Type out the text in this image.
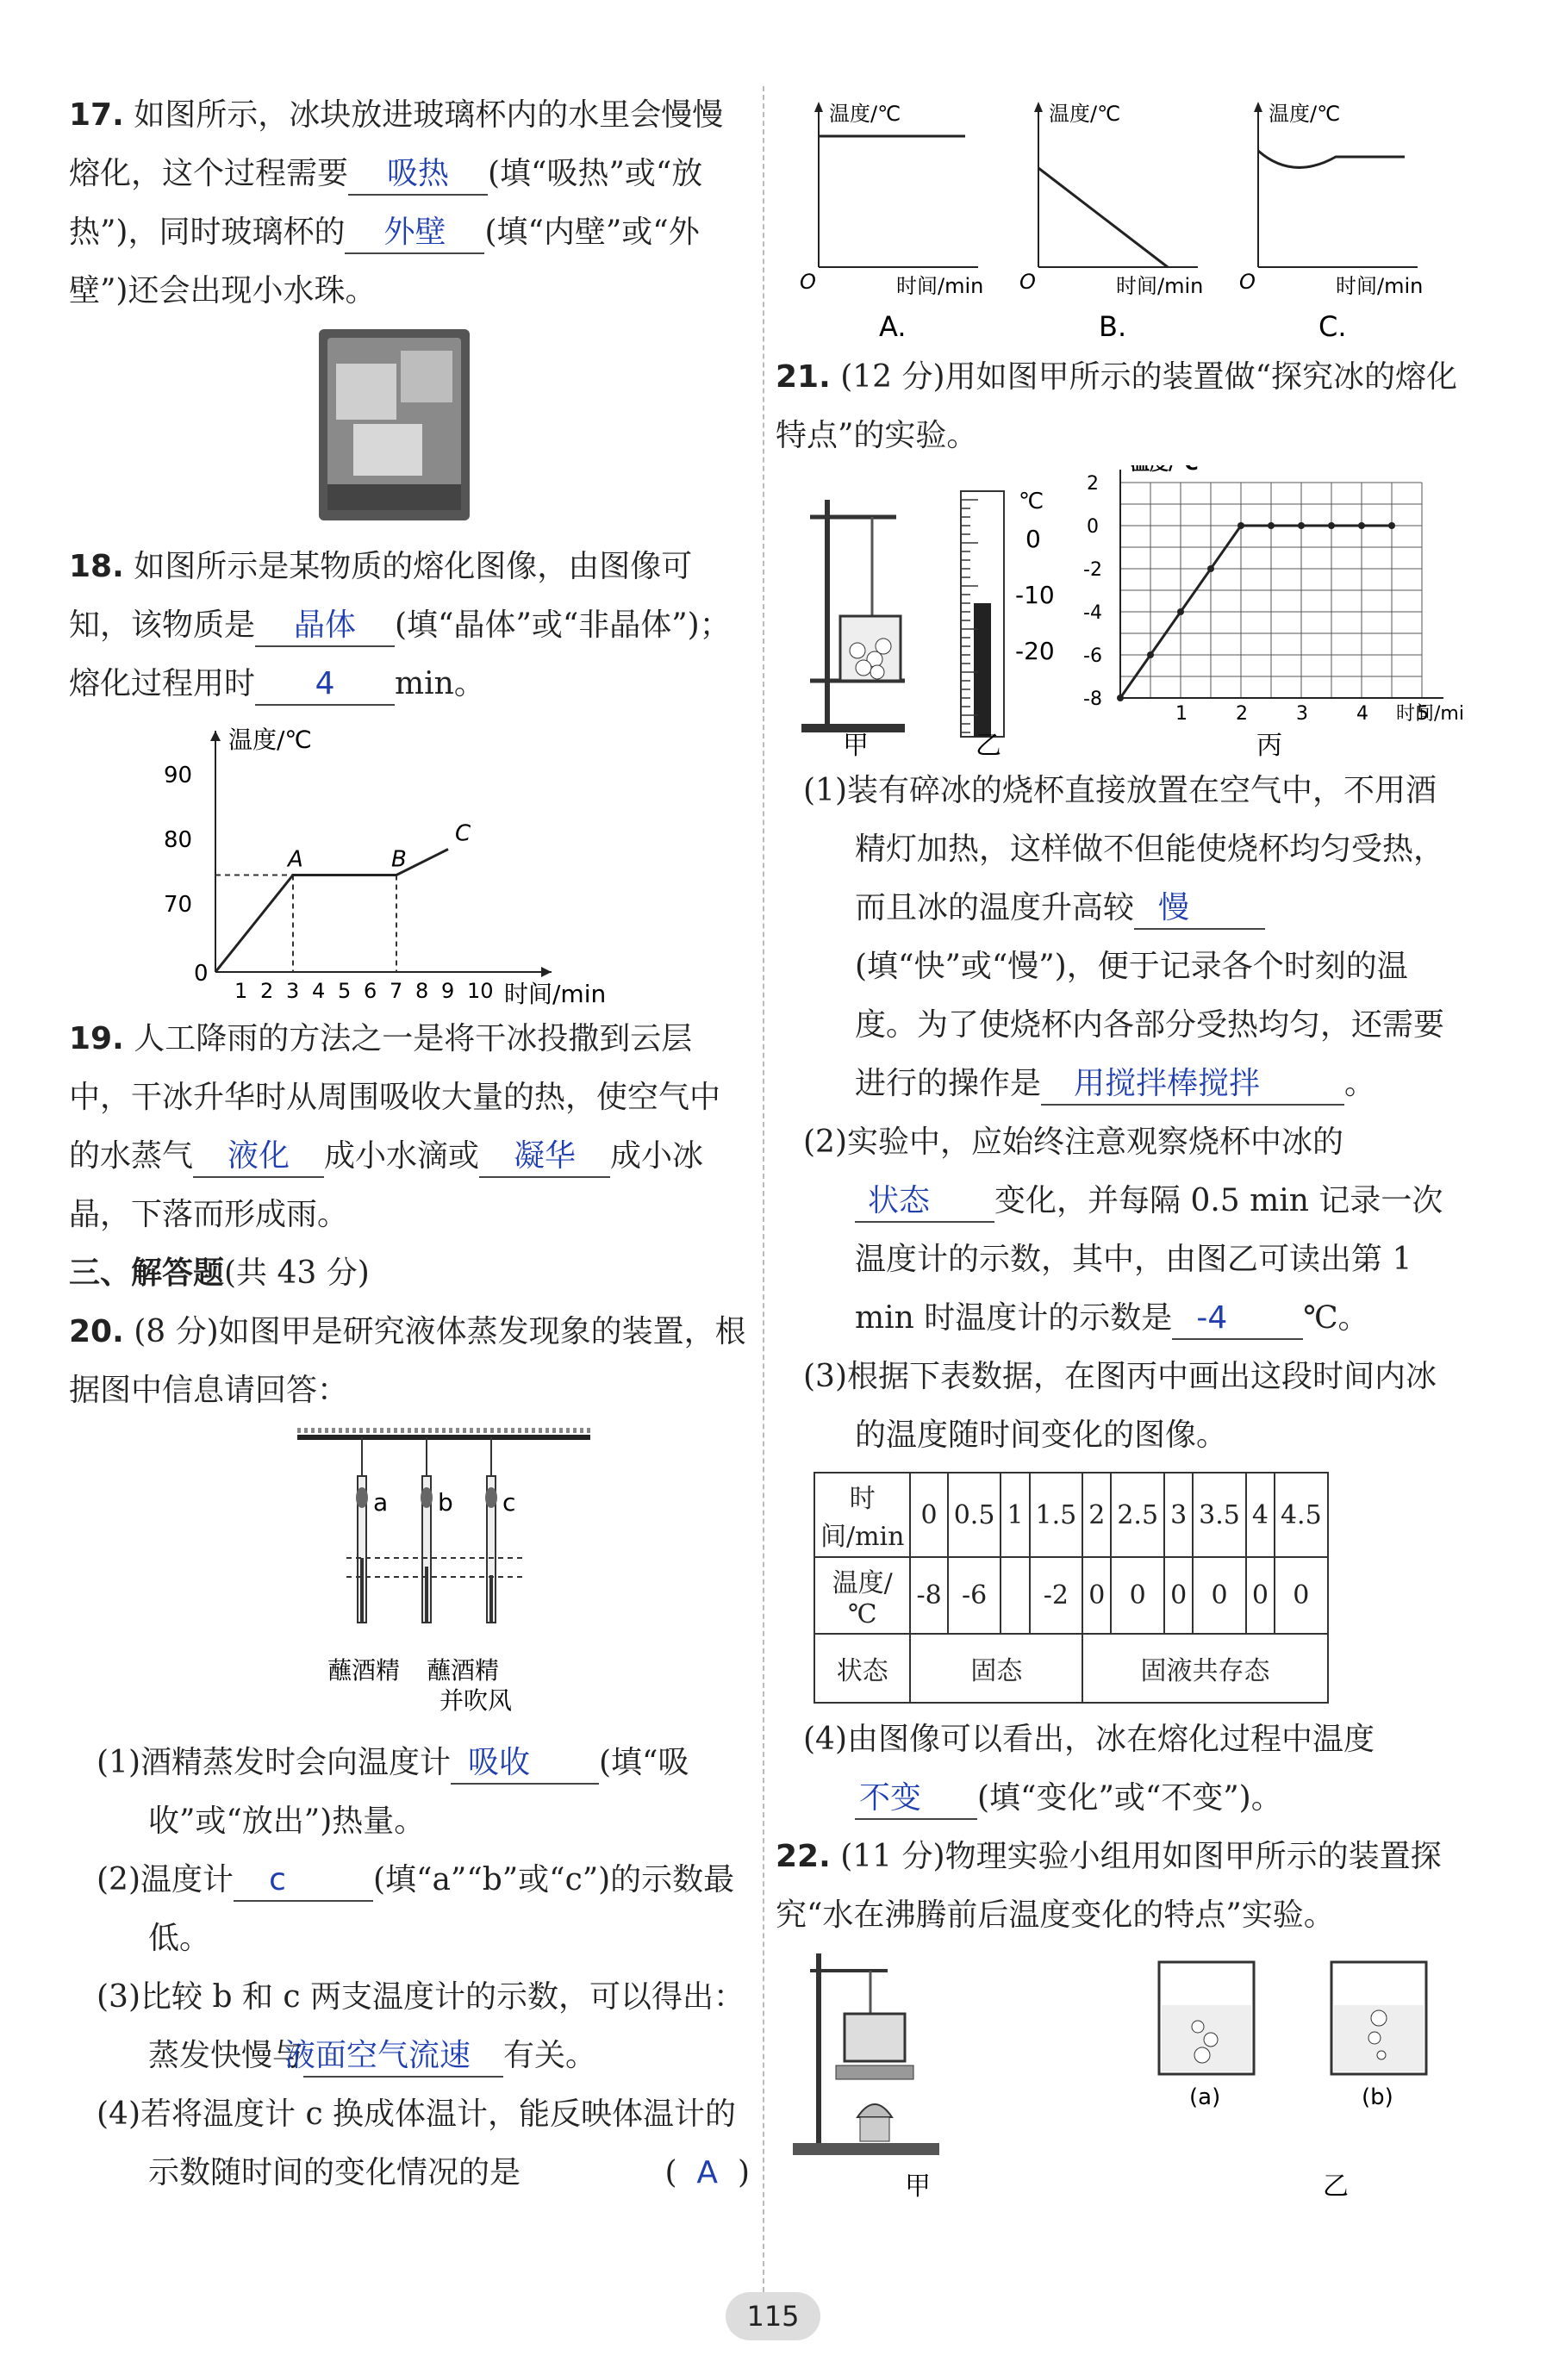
17. 如图所示，冰块放进玻璃杯内的水里会慢慢熔化，这个过程需要 吸热 (填“吸热”或“放热”)，同时玻璃杯的 外壁 (填“内壁”或“外壁”)还会出现小水珠。
18. 如图所示是某物质的熔化图像，由图像可知，该物质是 晶体 (填“晶体”或“非晶体”)；熔化过程用时 4 min。
温度/℃
时间/min
90
80
70
0
1 2 3 4 5 6 7 8 9 10
A	B
C
19. 人工降雨的方法之一是将干冰投撒到云层中，干冰升华时从周围吸收大量的热，使空气中的水蒸气 液化 成小水滴或 凝华 成小冰晶，下落而形成雨。
三、解答题(共 43 分)
20. (8 分)如图甲是研究液体蒸发现象的装置，根据图中信息请回答：
a b c
蘸酒精 蘸酒精
并吹风
(1)酒精蒸发时会向温度计 吸收 (填“吸收”或“放出”)热量。
(2)温度计 c	(填“a”“b”或“c”)的示数最低。
(3)比较 b 和 c 两支温度计的示数，可以得出：蒸发快慢与液面空气流速 有关。
(4)若将温度计 c 换成体温计，能反映体温计的示数随时间的变化情况的是	(  A  )
温度/℃
时间/min
O
A.
温度/℃
时间/min
O
B.
温度/℃
时间/min
O
C.
21. (12 分)用如图甲所示的装置做“探究冰的熔化特点”的实验。
甲
℃
0
-10
-20
乙
时间/mi
2
0
-2
-4
-6
-8
1	2	3	4	5
丙
(1)装有碎冰的烧杯直接放置在空气中，不用酒精灯加热，这样做不但能使烧杯均匀受热，而且冰的温度升高较 慢(填“快”或“慢”)，便于记录各个时刻的温度。为了使烧杯内各部分受热均匀，还需要进行的操作是 用搅拌棒搅拌	。
(2)实验中，应始终注意观察烧杯中冰的状态 变化，并每隔 0.5 min 记录一次温度计的示数，其中，由图乙可读出第 1 min 时温度计的示数是 -4 ℃。
(3)根据下表数据，在图丙中画出这段时间内冰的温度随时间变化的图像。
时间/min	0	0.5	1	1.5	2	2.5	3	3.5	4	4.5
温度/℃	-8	-6		-2	0	0	0	0	0	0
状态	固态				固液共存态					
(4)由图像可以看出，冰在熔化过程中温度不变 (填“变化”或“不变”)。
22. (11 分)物理实验小组用如图甲所示的装置探究“水在沸腾前后温度变化的特点”实验。
甲
(a)	(b)
乙
115
